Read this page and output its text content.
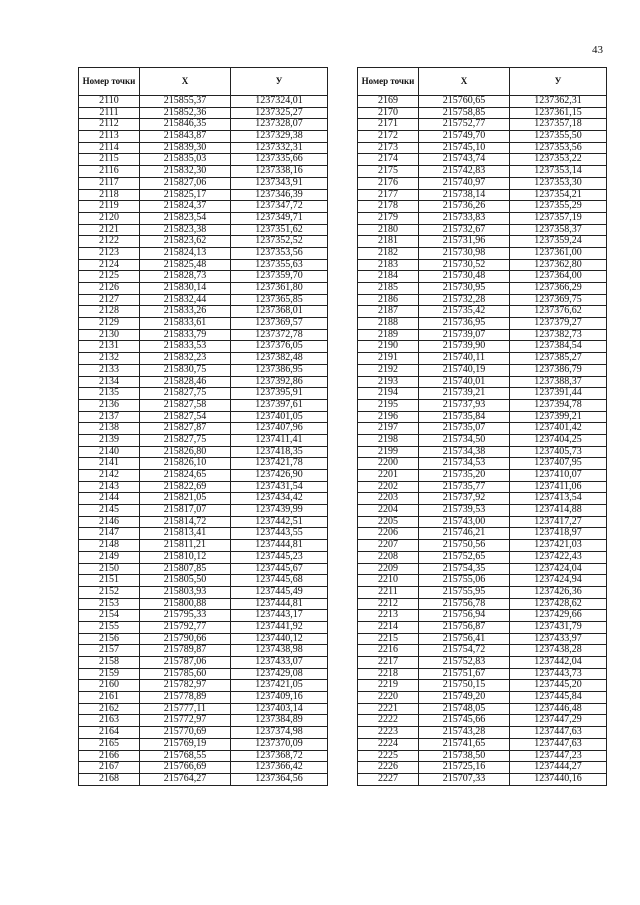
43
Номер точки	X	У
2110	215855,37	1237324,01
2111	215852,36	1237325,27
2112	215846,35	1237328,07
2113	215843,87	1237329,38
2114	215839,30	1237332,31
2115	215835,03	1237335,66
2116	215832,30	1237338,16
2117	215827,06	1237343,91
2118	215825,17	1237346,39
2119	215824,37	1237347,72
2120	215823,54	1237349,71
2121	215823,38	1237351,62
2122	215823,62	1237352,52
2123	215824,13	1237353,56
2124	215825,48	1237355,63
2125	215828,73	1237359,70
2126	215830,14	1237361,80
2127	215832,44	1237365,85
2128	215833,26	1237368,01
2129	215833,61	1237369,57
2130	215833,79	1237372,78
2131	215833,53	1237376,05
2132	215832,23	1237382,48
2133	215830,75	1237386,95
2134	215828,46	1237392,86
2135	215827,75	1237395,91
2136	215827,58	1237397,61
2137	215827,54	1237401,05
2138	215827,87	1237407,96
2139	215827,75	1237411,41
2140	215826,80	1237418,35
2141	215826,10	1237421,78
2142	215824,65	1237426,90
2143	215822,69	1237431,54
2144	215821,05	1237434,42
2145	215817,07	1237439,99
2146	215814,72	1237442,51
2147	215813,41	1237443,55
2148	215811,21	1237444,81
2149	215810,12	1237445,23
2150	215807,85	1237445,67
2151	215805,50	1237445,68
2152	215803,93	1237445,49
2153	215800,88	1237444,81
2154	215795,33	1237443,17
2155	215792,77	1237441,92
2156	215790,66	1237440,12
2157	215789,87	1237438,98
2158	215787,06	1237433,07
2159	215785,60	1237429,08
2160	215782,97	1237421,05
2161	215778,89	1237409,16
2162	215777,11	1237403,14
2163	215772,97	1237384,89
2164	215770,69	1237374,98
2165	215769,19	1237370,09
2166	215768,55	1237368,72
2167	215766,69	1237366,42
2168	215764,27	1237364,56
Номер точки	X	У
2169	215760,65	1237362,31
2170	215758,85	1237361,15
2171	215752,77	1237357,18
2172	215749,70	1237355,50
2173	215745,10	1237353,56
2174	215743,74	1237353,22
2175	215742,83	1237353,14
2176	215740,97	1237353,30
2177	215738,14	1237354,21
2178	215736,26	1237355,29
2179	215733,83	1237357,19
2180	215732,67	1237358,37
2181	215731,96	1237359,24
2182	215730,98	1237361,00
2183	215730,52	1237362,80
2184	215730,48	1237364,00
2185	215730,95	1237366,29
2186	215732,28	1237369,75
2187	215735,42	1237376,62
2188	215736,95	1237379,27
2189	215739,07	1237382,73
2190	215739,90	1237384,54
2191	215740,11	1237385,27
2192	215740,19	1237386,79
2193	215740,01	1237388,37
2194	215739,21	1237391,44
2195	215737,93	1237394,78
2196	215735,84	1237399,21
2197	215735,07	1237401,42
2198	215734,50	1237404,25
2199	215734,38	1237405,73
2200	215734,53	1237407,95
2201	215735,20	1237410,07
2202	215735,77	1237411,06
2203	215737,92	1237413,54
2204	215739,53	1237414,88
2205	215743,00	1237417,27
2206	215746,21	1237418,97
2207	215750,56	1237421,03
2208	215752,65	1237422,43
2209	215754,35	1237424,04
2210	215755,06	1237424,94
2211	215755,95	1237426,36
2212	215756,78	1237428,62
2213	215756,94	1237429,66
2214	215756,87	1237431,79
2215	215756,41	1237433,97
2216	215754,72	1237438,28
2217	215752,83	1237442,04
2218	215751,67	1237443,73
2219	215750,15	1237445,20
2220	215749,20	1237445,84
2221	215748,05	1237446,48
2222	215745,66	1237447,29
2223	215743,28	1237447,63
2224	215741,65	1237447,63
2225	215738,50	1237447,23
2226	215725,16	1237444,27
2227	215707,33	1237440,16
